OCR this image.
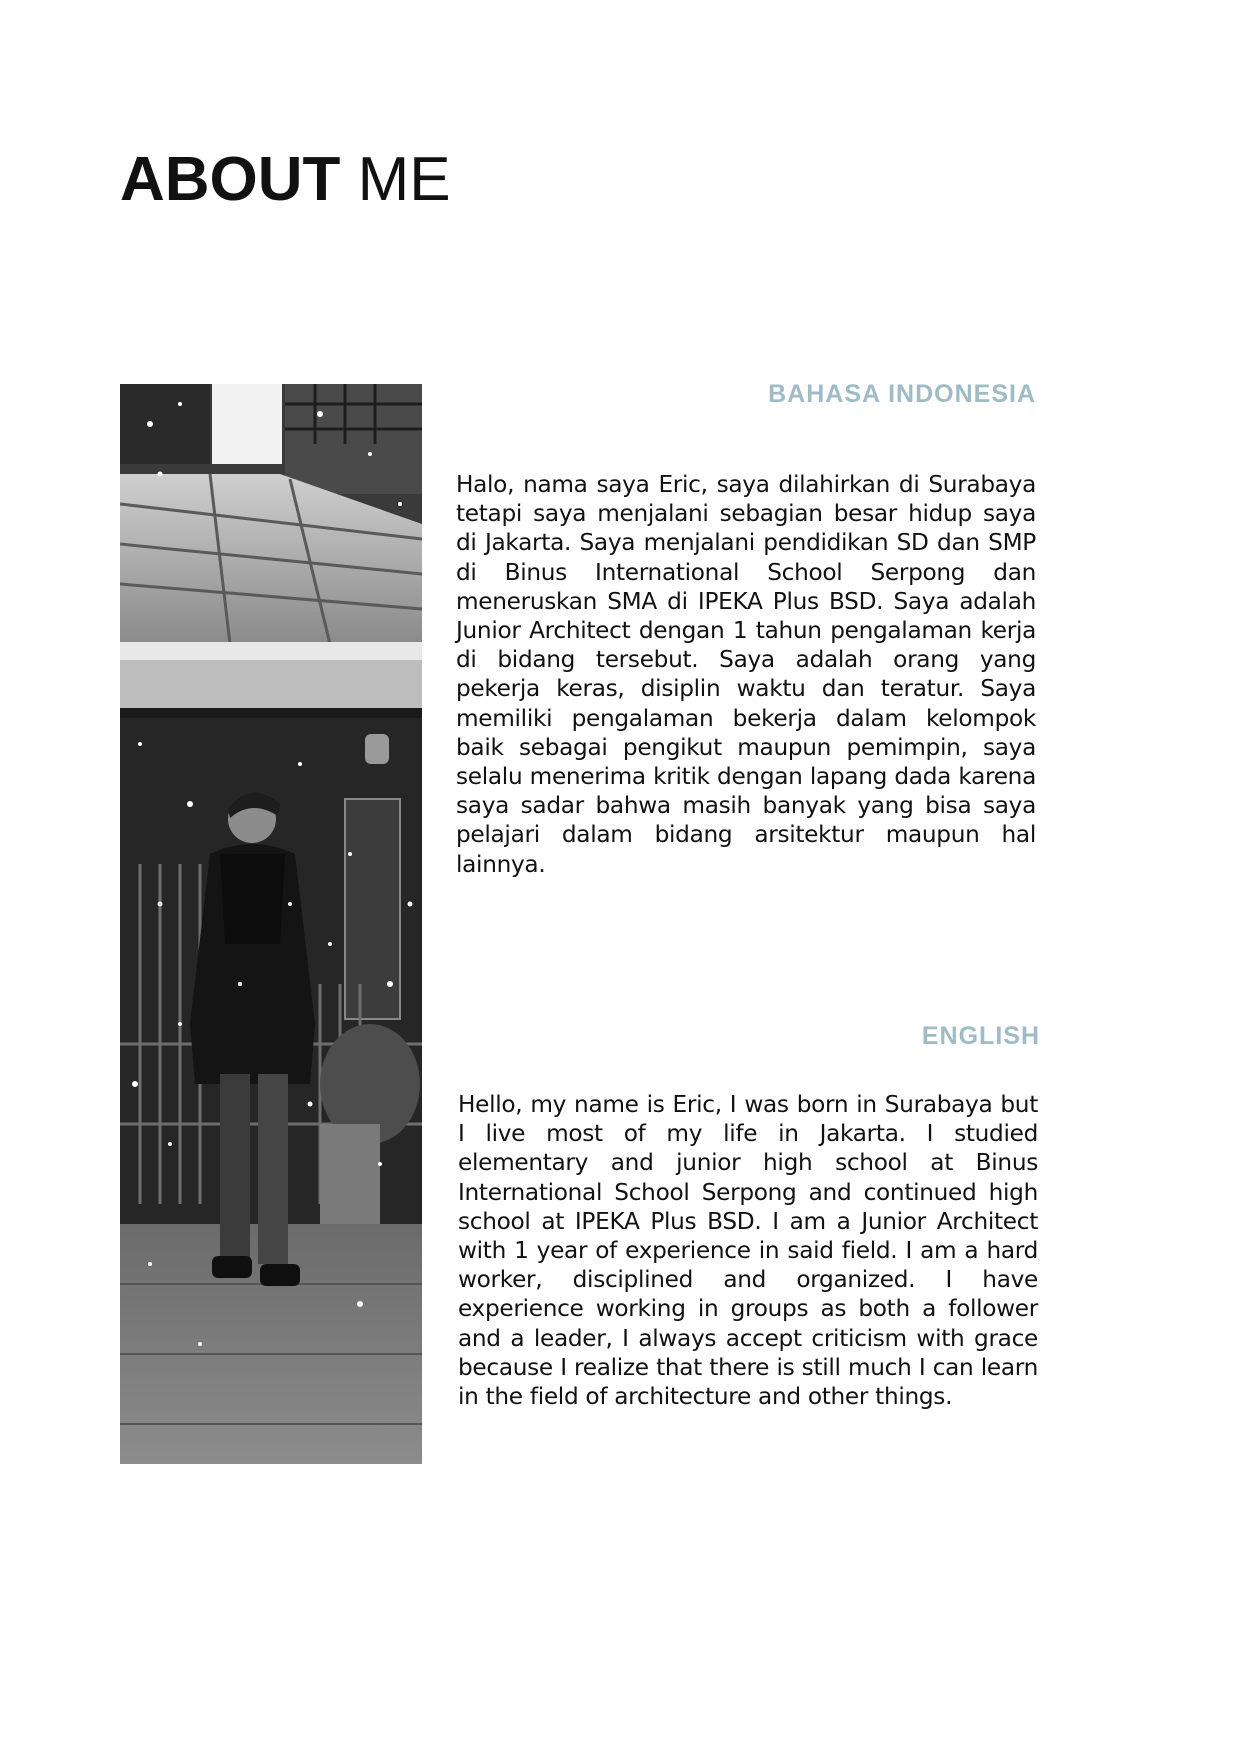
ABOUT ME
BAHASA INDONESIA

Halo, nama saya Eric, saya dilahirkan di Surabaya tetapi saya menjalani sebagian besar hidup saya di Jakarta. Saya menjalani pendidikan SD dan SMP di Binus International School Serpong dan meneruskan SMA di IPEKA Plus BSD. Saya adalah Junior Architect dengan 1 tahun pengalaman kerja di bidang tersebut. Saya adalah orang yang pekerja keras, disiplin waktu dan teratur. Saya memiliki pengalaman bekerja dalam kelompok baik sebagai pengikut maupun pemimpin, saya selalu menerima kritik dengan lapang dada karena saya sadar bahwa masih banyak yang bisa saya pelajari dalam bidang arsitektur maupun hal lainnya.

ENGLISH

Hello, my name is Eric, I was born in Surabaya but I live most of my life in Jakarta. I studied elementary and junior high school at Binus International School Serpong and continued high school at IPEKA Plus BSD. I am a Junior Architect with 1 year of experience in said field. I am a hard worker, disciplined and organized. I have experience working in groups as both a follower and a leader, I always accept criticism with grace because I realize that there is still much I can learn in the field of architecture and other things.
